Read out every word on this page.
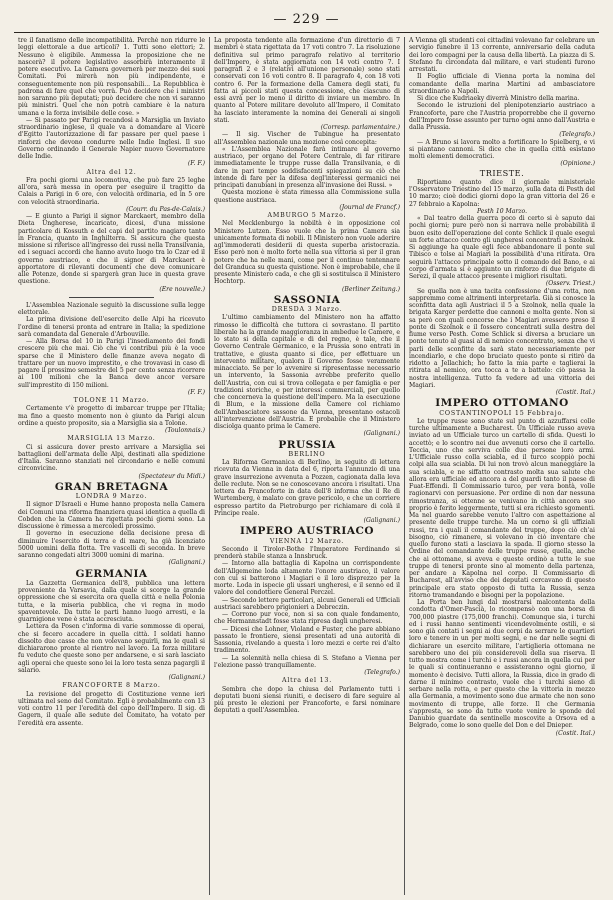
— 229 —

tre il fanatismo delle incompatibilità. Perchè non ridurre le leggi elettorale a due articoli? 1. Tutti sono elettori; 2. Nessuno è eligibile. Ammessa la proposizione che ne nascerà? il potere legislativo assorbirà interamente il potere esecutivo. La Camera governerà per mezzo dei suoi Comitati. Poi mirerà non più indipendente, e conseguentemente non più responsabili... La Repubblica è padrona di fare quel che vorrà. Può decidere che i ministri non saranno più deputati; può decidere che non vi saranno più ministri. Quel che non potrà cambiare è la natura umana e la forza invisibile delle cose. »

— Si passato per Parigi recandosi a Marsiglia un Inviato straordinario inglese, il quale va a domandare al Vicerè d'Egitto l'autorizzazione di far passare per quel paese i rinforzi che devono condurre nelle Indie Inglesi. Il suo Governo ordinando il Generale Napier nuovo Governatore delle Indie.

(F. F.)
Altra del 12.

Fra pochi giorni una locomotiva, che può fare 25 leghe all'ora, sarà messa in opera per eseguire il tragitto da Calais a Parigi in 6 ore, con velocità ordinaria, ed in 5 ore con velocità straordinaria.

(Courr. du Pas-de-Calais.)

— E giunto a Parigi il signor Marckaert, membro della Dieta Ungherese, incaricato, dicesi, d'una missione particolare di Kossuth e del capi del partito magiaro tanto in Francia, quanto in Inghilterra. Si assicura che questa missione si riferisce all'ingresso dei russi nella Transilvania, ed i seguaci accordi che hanno avuto luogo tra lo Czar ed il governo austriaco, e che il signor di Marckaert è apportatore di rilevanti documenti che deve comunicare alle Potenze, donde si spargerà gran luce in questa grave questione.

(Ere nouvelle.)

L'Assemblea Nazionale seguitò la discussione sulla legge elettorale.

La prima divisione dell'esercito delle Alpi ha ricevuto l'ordine di tenersi pronta ad entrare in Italia; la spedizione sarà comandata dal Generale d'Arbouville.

— Alla Borsa del 10 in Parigi l'insediamento dei fondi crescere più che mai. Ciò che vi contribuì più è la voce sparse che il Ministero delle finanze aveva negato di trattare per un nuovo imprestito, e che trovavasi in caso di pagare il prossimo semestre del 5 per cento senza ricorrere ai 100 milioni che la Banca deve ancor versare sull'imprestito di 150 milioni.

(F. F.)
TOLONE 11 Marzo.

Certamente v'è progetto di imbarcar truppe per l'Italia; ma fino a questo momento non è giunto da Parigi alcun ordine a questo proposito, sia a Marsiglia sia a Tolone.

(Toulonnais.)
MARSIGLIA 13 Marzo.

Ci si assicura dover presto arrivare a Marsiglia sei battaglioni dell'armata delle Alpi, destinati alla spedizione d'Italia. Saranno stanziati nel circondario e nelle comuni circonvicine.

(Spectateur du Midi.)
GRAN BRETAGNA
LONDRA 9 Marzo.

Il signor D'Israeli e Hume hanno proposta nella Camera dei Comuni una riforma finanziera quasi identica a quella di Cobden che la Camera ha rigettata pochi giorni sono. La discussione è rimessa a mercoledì prossimo.

Il governo in esecuzione della decisione presa di diminuire l'esercito di terra e di mare, ha già licenziato 5000 uomini della flotta. Tre vascelli di seconda. In breve saranno congedati altri 3000 uomini di marina.

(Galignani.)
GERMANIA

La Gazzetta Germanica dell'8, pubblica una lettera proveniente da Varsavia, dalla quale si scorge la grande oppressione che si esercita ora quella città e nella Polonia tutta, e la miseria pubblica, che vi regna in modo spaventevole. Da tutte le parti hanno luogo arresti, e la guarnigione vene è stata accresciuta.

Lettera da Posen c'informa di varie sommosse di operai, che si fecero accadere in quella città. I soldati hanno dissolto due casse che non volevano seguirli, ma le quali si dichiararono pronte al rientro nel lavoro. La forza militare fu veduto che queste sono per andarsene, e si sarà lasciato agli operai che queste sono lei la loro testa senza pagargli il salario.

(Galignani.)
FRANCOFORTE 8 Marzo.

La revisione del progetto di Costituzione venne ieri ultimata nel seno del Comitato. Egli è probabilmente con 13 voti contro 11 per l'eredità del capo dell'Impero. Il sig. di Gagern, il quale alle sedute del Comitato, ha votato per l'eredità era assente.

La proposta tendente alla formazione d'un direttorio di 7 membri è stata rigettata da 17 voti contro 7. La risoluzione definitiva sul primo paragrafo relativo al territorio dell'Impero, è stata aggiornata con 14 voti contro 7. I paragrafi 2 e 3 (relativi all'unione personale) sono stati conservati con 16 voti contro 8. Il paragrafo 4, con 18 voti contro 6. Per la formazione della Camera degli stati, fu fatta ai piccoli stati questa concessione, che ciascuno di essi avrà per lo meno il diritto di inviare un membro. In quanto al Potere militare devoluto all'Impero, il Comitato ha lasciato interamente la nomina dei Generali ai singoli stati.

(Corresp. parlamentaire.)

— Il sig. Vischer de Tubingue ha presentato all'Assemblea nazionale una mozione così concepita:

« L'Assemblea Nazionale farà intimare al governo austriaco, per organo del Potere Centrale, di far ritirare immediatamente le truppe russe dalla Transilvania, e di dare in pari tempo soddisfacenti spiegazioni su ciò che intende di fare per la difesa degl'interessi germanici nei principati danubiani in presenza all'invasione dei Russi. »

Questa mozione è stata rimessa alla Commissione sulla questione austriaca.

(Journal de Francf.)
AMBURGO 5 Marzo.

Nel Mecklenburgo la nobiltà è in opposizione col Ministero Lutzen. Esso vuole che la prima Camera sia unicamente formata di nobili. Il Ministero non vuole aderire agl'immoderati desiderii di questa superba aristocrazia. Esso però non è molto forte nella sua vittoria sì per il gran potere che ha nelle mani, come per il continuo tentennare del Granduca su questa quistione. Non è improbabile, che il presente Ministero cada, e che gli si sostituisca il Ministero Hochtorp.

(Berliner Zeitung.)
SASSONIA
DRESDA 3 Marzo.

L'ultimo cambiamento del Ministero non ha affatto rimosso le difficoltà che tuttora ci sovrastano. Il partito liberale ha la grande maggioranza in ambedue le Camere, e lo stato si della capitale e di del regno, è tale, che il Governo Centrale Germanico, e la Prussia sono entrati in trattative, e giusta quanto si dice, per effettuare un intervento militare, qualora il Governo fosse veramente minacciato. Se per lo avvenire si ripresentasse necessario un intervento, la Sassonia avrebbe preferito quello dell'Austria, con cui si trova collegata e per famiglia e per tradizioni storiche, e per interessi commerciali, per quello che concerneva la questione dell'impero. Ma la esecuzione di Blum, e la missione della Camere col richiamo dell'Ambasciatore sassone da Vienna, presentano ostacoli all'intervenzione dell'Austria. E probabile che il Ministero disciolga quanto prima le Camere.

(Galignani.)
PRUSSIA
BERLINO

La Riforma Germanica di Berlino, in seguito di lettera ricevuta da Vienna in data del 6, riporta l'annunzio di una grave insurrezione avvenuta a Pozzen, cagionata dalla leva delle reclute. Non se ne conoscevano ancora i risultati. Una lettera da Francoforte in data dell'8 informa che il Re di Wurtemberg, è malato con grave pericolo, e che un corriere espresso partito da Pietroburgo per richiamare di colà il Principe reale.

(Galignani.)
IMPERO AUSTRIACO
VIENNA 12 Marzo.

Secondo il Tirolor-Bothe l'Imperatore Ferdinando si prenderà stabile stanza a Innsbruck.

— Intorno alla battaglia di Kapolna un corrispondente dell'Allgemeine loda altamente l'onore austriaco, il valore con cui si batterono i Magiari e il loro disprezzo per la morte. Loda in ispecie gli ussari ungheresi, e il senno ed il valore del condottiere General Perczel.

— Secondo lettere particolari, alcuni Generali ed Ufficiali austriaci sarebbero prigionieri a Debreczin.

— Corrono pur voce, non si sa con quale fondamento, che Hermannstadt fosse stata ripresa dagli ungheresi.

— Dicesi che Lohner, Violand e Fuster, che pare abbiano passato le frontiere, siensi presentati ad una autorità di Sassonia, rivelando a questa i loro mezzi e certe rei d'alto tradimento.

— La solennità nella chiesa di S. Stefano a Vienna per l'elezione passò tranquillamente.

(Telegrafo.)
Altra del 13.

Sembra che dopo la chiusa del Parlamento tutti i deputati buoni siensi riuniti, e decisero di fare seguire al più presto le elezioni per Francoforte, e farsi nominare deputati a quell'Assemblea.

A Vienna gli studenti coi cittadini volevano far celebrare un servigio funebre il 13 corrente, anniversario della caduta dei loro compagni per la causa della libertà. La piazza di S. Stefano fu circondata dal militare, e vari studenti furono arrestati.

Il Foglio ufficiale di Vienna porta la nomina del comandante della marina Martini ad ambasciatore straordinario a Napoli.

Si dice che Kudriaeky diverrà Ministro della marina.

Secondo le istruzioni del plenipotenziario austriaco a Francoforte, pare che l'Austria proporrebbe che il governo dell'Impero fosse assunto per turno ogni anno dall'Austria e dalla Prussia.

(Telegrafo.)

— A Bruno si lavora molto a fortificare lo Spielberg, e vi si piantano cannoni. Si dice che in quella città esistano molti elementi democratici.

(Opinione.)
TRIESTE.

Riportiamo quanto dice il giornale ministeriale l'Osservatore Triestino del 15 marzo, sulla data di Pesth del 10 marzo; cioè dodici giorni dopo la gran vittoria del 26 e 27 febbraio a Kapolna:

Pesth 10 Marzo.

« Dal teatro della guerra poco di certo si è saputo dai pochi giorni; pure però non si narrava nelle probabilità il buon esito dell'operazione del conte Schlick il quale eseguì un forte attacco contro gli ungheresi concentrati a Szolnok. Si aggiunge ha quale egli fece abbandonare il ponte sul Tibisco e tolse ai Magiari la possibilità d'una ritirata. Ora seguirà l'attacco principale sotto il comando del Bano, e ai corpo d'armata si è aggiunto un rinforzo di due brigate di Serezi, il quale attacco presente i migliori risultati.

(Osserv. Triest.)

Se quella non è una tacita confessione d'una rotta, non sappremmo come altrimenti interpretarla. Già si conosce la sconfitta data agli Austriaci il 5 a Szolnok, nella quale la brigata Karger perdette due cannoni e molta gente. Non si sa però con quali concorse che i Magiari avessero preso il ponte di Szolnok e il fossero concentrati sulla destra del fiume verso Pesth. Come Schlick si diversa a bruciare un ponte tenuto al guasi al di nemico concentrato, senza che vi parli delle sconfitte da sarà stato necessariamente per incendiarlo, e che dopo bruciato questo ponte si ritirò da ridotto a Jellachich; ho fatto la mia parte e taglierai la ritirata al nemico, ora tocca a te a battelo: ciò passa la nostra intelligenza. Tutto fa vedere ad una vittoria dei Magiari.

(Costit. Ital.)
IMPERO OTTOMANO
COSTANTINOPOLI 15 Febbrajo.

Le truppe russe sono state sul punto di azzuffarsi colle turche ultimamente a Bucharest. Un Ufficiale russo aveva inviato ad un Ufficiale turco un cartello di sfida. Questi lo accettò; e lo scontro nei due avvenuti corso che il cartello. Teccia, uno che serviva colle due persone loro armi. L'Ufficiale russo colla sciabla, ed il turco scoppiò pochi colpi alla sua sciabla. Di lui non trovò alcun maneggiare la sua sciabla, e ne siffatto contrasto molta sua salute che allora era ufficiale ed ancora a del guardi tanto il paese di Fuat-Effendi. Il Commissario turco, per vera bontà, volle ragionarvi con persuasione. Per ordine di non dar nessuna rimostranza, si ottenne se venivano in città ancora suo proprio è ferito leggermente, tutti si era richiesto sgomenti. Ma nel guardo sarebbe venuto l'altro con aspettazione al presente delle truppe turche. Ma un corno si gli uffiziali russi, tra i quali il comandante del truppe, dopo ciò ch'ai bisogno, ciò rimanere, si volevano in ciò inventare che quello furono stati a lasciava la spada. Il giorno stesso la Ordine del comandante delle truppe russe, quella, anche che ai ottomane, si aveva e queste ordinò a tutte le sue truppe di tenersi pronte sino al momento della partenza, per andare a Kapolna nel corpo. Il Commissario di Bucharest, all'avviso che dei deputati cercavano di questo principale era stato opposto di tutta la Russia, senza ritorno tramandando e bisogni per la popolazione.

La Porta ben lungi dal mostrarsi malcontenta della condotta d'Omer-Pascià, lo ricompensò con una borsa di 700,000 piastre (175,000 franchi). Comunque sia, i turchi ed i russi hanno sentimenti vicendevolmente ostili, e si sono già contati i segni ai due corpi da serrare le quartieri loro e tenere in un per molti segni, e ne dar nelle segni di dichiarare un esercito militare, l'artiglieria ottomana ne sarebbero uno dei più considerevoli della sua riserva. Il tutto mostra come i turchi e i russi ancora in quella cui per le quali si continueranno e assisteranno ogni giorno, il momento è decisivo. Tutti allora, la Russia, dice in grado di darne il minimo contrasto, vuole che i turchi sieno di serbare nella rotta, e per questo che la vittoria in mezzo alla Germania, a movimento sono due armate che non sono movimento di truppe, alle forze. Il che Germania s'appresta, se sono da tutte vuote venire le sponde del Danubio guardate da sentinelle moscovite a Orsova ed a Belgrado, come lo sono quelle del Don e del Dnieper.

(Costit. Ital.)
